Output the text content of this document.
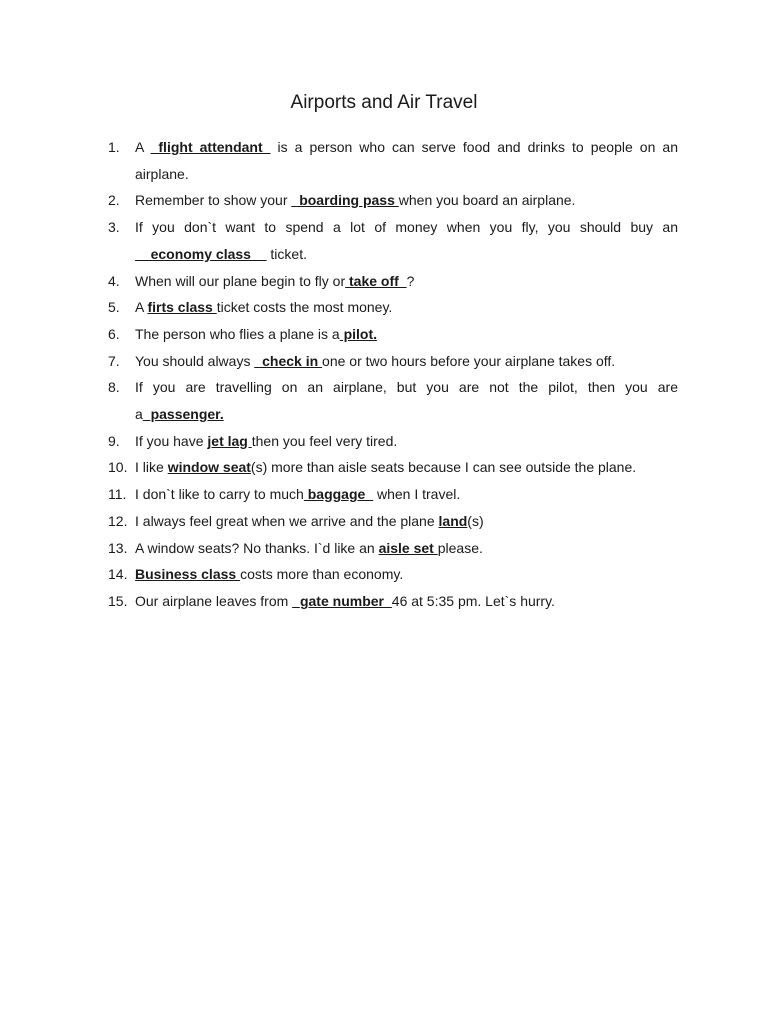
Airports and Air Travel
1.	A _flight attendant_ is a person who can serve food and drinks to people on an airplane.
2.	Remember to show your _boarding pass when you board an airplane.
3.	If you don`t want to spend a lot of money when you fly, you should buy an __economy class__ ticket.
4.	When will our plane begin to fly or take off_?
5.	A firts class ticket costs the most money.
6.	The person who flies a plane is a pilot.
7.	You should always _check in one or two hours before your airplane takes off.
8.	If you are travelling on an airplane, but you are not the pilot, then you are a_passenger.
9.	If you have jet lag then you feel very tired.
10. I like window seat(s) more than aisle seats because I can see outside the plane.
11. I don`t like to carry to much baggage_ when I travel.
12. I always feel great when we arrive and the plane land(s)
13. A window seats? No thanks. I`d like an aisle set please.
14. Business class costs more than economy.
15. Our airplane leaves from _gate number_46 at 5:35 pm. Let`s hurry.
